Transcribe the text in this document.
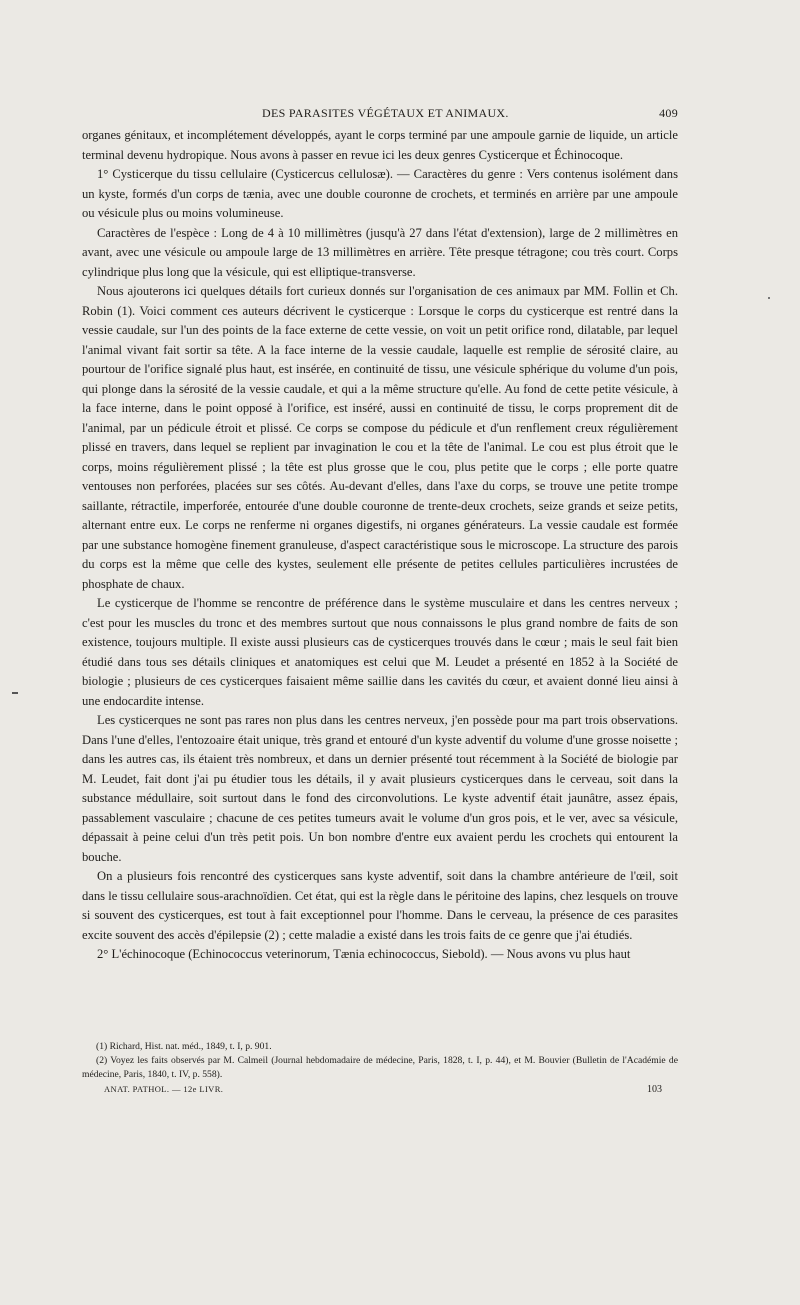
DES PARASITES VÉGÉTAUX ET ANIMAUX.	409

organes génitaux, et incomplétement développés, ayant le corps terminé par une ampoule garnie de liquide, un article terminal devenu hydropique. Nous avons à passer en revue ici les deux genres Cysticerque et Échinocoque.

1° Cysticerque du tissu cellulaire (Cysticercus cellulosæ). — Caractères du genre : Vers contenus isolément dans un kyste, formés d'un corps de tænia, avec une double couronne de crochets, et terminés en arrière par une ampoule ou vésicule plus ou moins volumineuse.

Caractères de l'espèce : Long de 4 à 10 millimètres (jusqu'à 27 dans l'état d'extension), large de 2 millimètres en avant, avec une vésicule ou ampoule large de 13 millimètres en arrière. Tête presque tétragone; cou très court. Corps cylindrique plus long que la vésicule, qui est elliptique-transverse.

Nous ajouterons ici quelques détails fort curieux donnés sur l'organisation de ces animaux par MM. Follin et Ch. Robin (1). Voici comment ces auteurs décrivent le cysticerque : Lorsque le corps du cysticerque est rentré dans la vessie caudale, sur l'un des points de la face externe de cette vessie, on voit un petit orifice rond, dilatable, par lequel l'animal vivant fait sortir sa tête. A la face interne de la vessie caudale, laquelle est remplie de sérosité claire, au pourtour de l'orifice signalé plus haut, est insérée, en continuité de tissu, une vésicule sphérique du volume d'un pois, qui plonge dans la sérosité de la vessie caudale, et qui a la même structure qu'elle. Au fond de cette petite vésicule, à la face interne, dans le point opposé à l'orifice, est inséré, aussi en continuité de tissu, le corps proprement dit de l'animal, par un pédicule étroit et plissé. Ce corps se compose du pédicule et d'un renflement creux régulièrement plissé en travers, dans lequel se replient par invagination le cou et la tête de l'animal. Le cou est plus étroit que le corps, moins régulièrement plissé ; la tête est plus grosse que le cou, plus petite que le corps ; elle porte quatre ventouses non perforées, placées sur ses côtés. Au-devant d'elles, dans l'axe du corps, se trouve une petite trompe saillante, rétractile, imperforée, entourée d'une double couronne de trente-deux crochets, seize grands et seize petits, alternant entre eux. Le corps ne renferme ni organes digestifs, ni organes générateurs. La vessie caudale est formée par une substance homogène finement granuleuse, d'aspect caractéristique sous le microscope. La structure des parois du corps est la même que celle des kystes, seulement elle présente de petites cellules particulières incrustées de phosphate de chaux.

Le cysticerque de l'homme se rencontre de préférence dans le système musculaire et dans les centres nerveux ; c'est pour les muscles du tronc et des membres surtout que nous connaissons le plus grand nombre de faits de son existence, toujours multiple. Il existe aussi plusieurs cas de cysticerques trouvés dans le cœur ; mais le seul fait bien étudié dans tous ses détails cliniques et anatomiques est celui que M. Leudet a présenté en 1852 à la Société de biologie ; plusieurs de ces cysticerques faisaient même saillie dans les cavités du cœur, et avaient donné lieu ainsi à une endocardite intense.

Les cysticerques ne sont pas rares non plus dans les centres nerveux, j'en possède pour ma part trois observations. Dans l'une d'elles, l'entozoaire était unique, très grand et entouré d'un kyste adventif du volume d'une grosse noisette ; dans les autres cas, ils étaient très nombreux, et dans un dernier présenté tout récemment à la Société de biologie par M. Leudet, fait dont j'ai pu étudier tous les détails, il y avait plusieurs cysticerques dans le cerveau, soit dans la substance médullaire, soit surtout dans le fond des circonvolutions. Le kyste adventif était jaunâtre, assez épais, passablement vasculaire ; chacune de ces petites tumeurs avait le volume d'un gros pois, et le ver, avec sa vésicule, dépassait à peine celui d'un très petit pois. Un bon nombre d'entre eux avaient perdu les crochets qui entourent la bouche.

On a plusieurs fois rencontré des cysticerques sans kyste adventif, soit dans la chambre antérieure de l'œil, soit dans le tissu cellulaire sous-arachnoïdien. Cet état, qui est la règle dans le péritoine des lapins, chez lesquels on trouve si souvent des cysticerques, est tout à fait exceptionnel pour l'homme. Dans le cerveau, la présence de ces parasites excite souvent des accès d'épilepsie (2) ; cette maladie a existé dans les trois faits de ce genre que j'ai étudiés.

2° L'échinocoque (Echinococcus veterinorum, Tænia echinococcus, Siebold). — Nous avons vu plus haut

(1) Richard, Hist. nat. méd., 1849, t. I, p. 901.

(2) Voyez les faits observés par M. Calmeil (Journal hebdomadaire de médecine, Paris, 1828, t. I, p. 44), et M. Bouvier (Bulletin de l'Académie de médecine, Paris, 1840, t. IV, p. 558).

ANAT. PATHOL. — 12e LIVR.	103
